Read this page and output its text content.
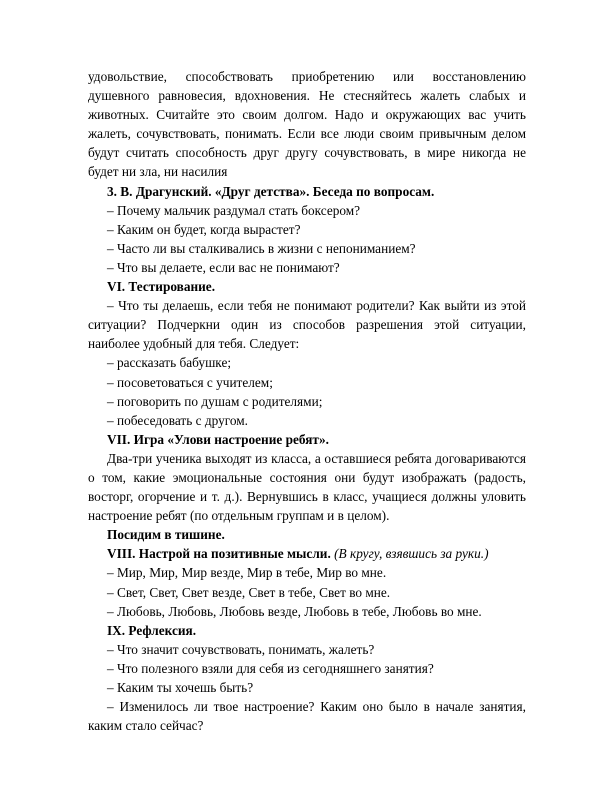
удовольствие, способствовать приобретению или восстановлению душевного равновесия, вдохновения. Не стесняйтесь жалеть слабых и животных. Считайте это своим долгом. Надо и окружающих вас учить жалеть, сочувствовать, понимать. Если все люди своим привычным делом будут считать способность друг другу сочувствовать, в мире никогда не будет ни зла, ни насилия

3. В. Драгунский. «Друг детства». Беседа по вопросам.

– Почему мальчик раздумал стать боксером?

– Каким он будет, когда вырастет?

– Часто ли вы сталкивались в жизни с непониманием?

– Что вы делаете, если вас не понимают?

VI. Тестирование.

– Что ты делаешь, если тебя не понимают родители? Как выйти из этой ситуации? Подчеркни один из способов разрешения этой ситуации, наиболее удобный для тебя. Следует:

– рассказать бабушке;

– посоветоваться с учителем;

– поговорить по душам с родителями;

– побеседовать с другом.

VII. Игра «Улови настроение ребят».

Два-три ученика выходят из класса, а оставшиеся ребята договариваются о том, какие эмоциональные состояния они будут изображать (радость, восторг, огорчение и т. д.). Вернувшись в класс, учащиеся должны уловить настроение ребят (по отдельным группам и в целом).

Посидим в тишине.

VIII. Настрой на позитивные мысли. (В кругу, взявшись за руки.)

– Мир, Мир, Мир везде, Мир в тебе, Мир во мне.

– Свет, Свет, Свет везде, Свет в тебе, Свет во мне.

– Любовь, Любовь, Любовь везде, Любовь в тебе, Любовь во мне.

IX. Рефлексия.

– Что значит сочувствовать, понимать, жалеть?

– Что полезного взяли для себя из сегодняшнего занятия?

– Каким ты хочешь быть?

– Изменилось ли твое настроение? Каким оно было в начале занятия, каким стало сейчас?
